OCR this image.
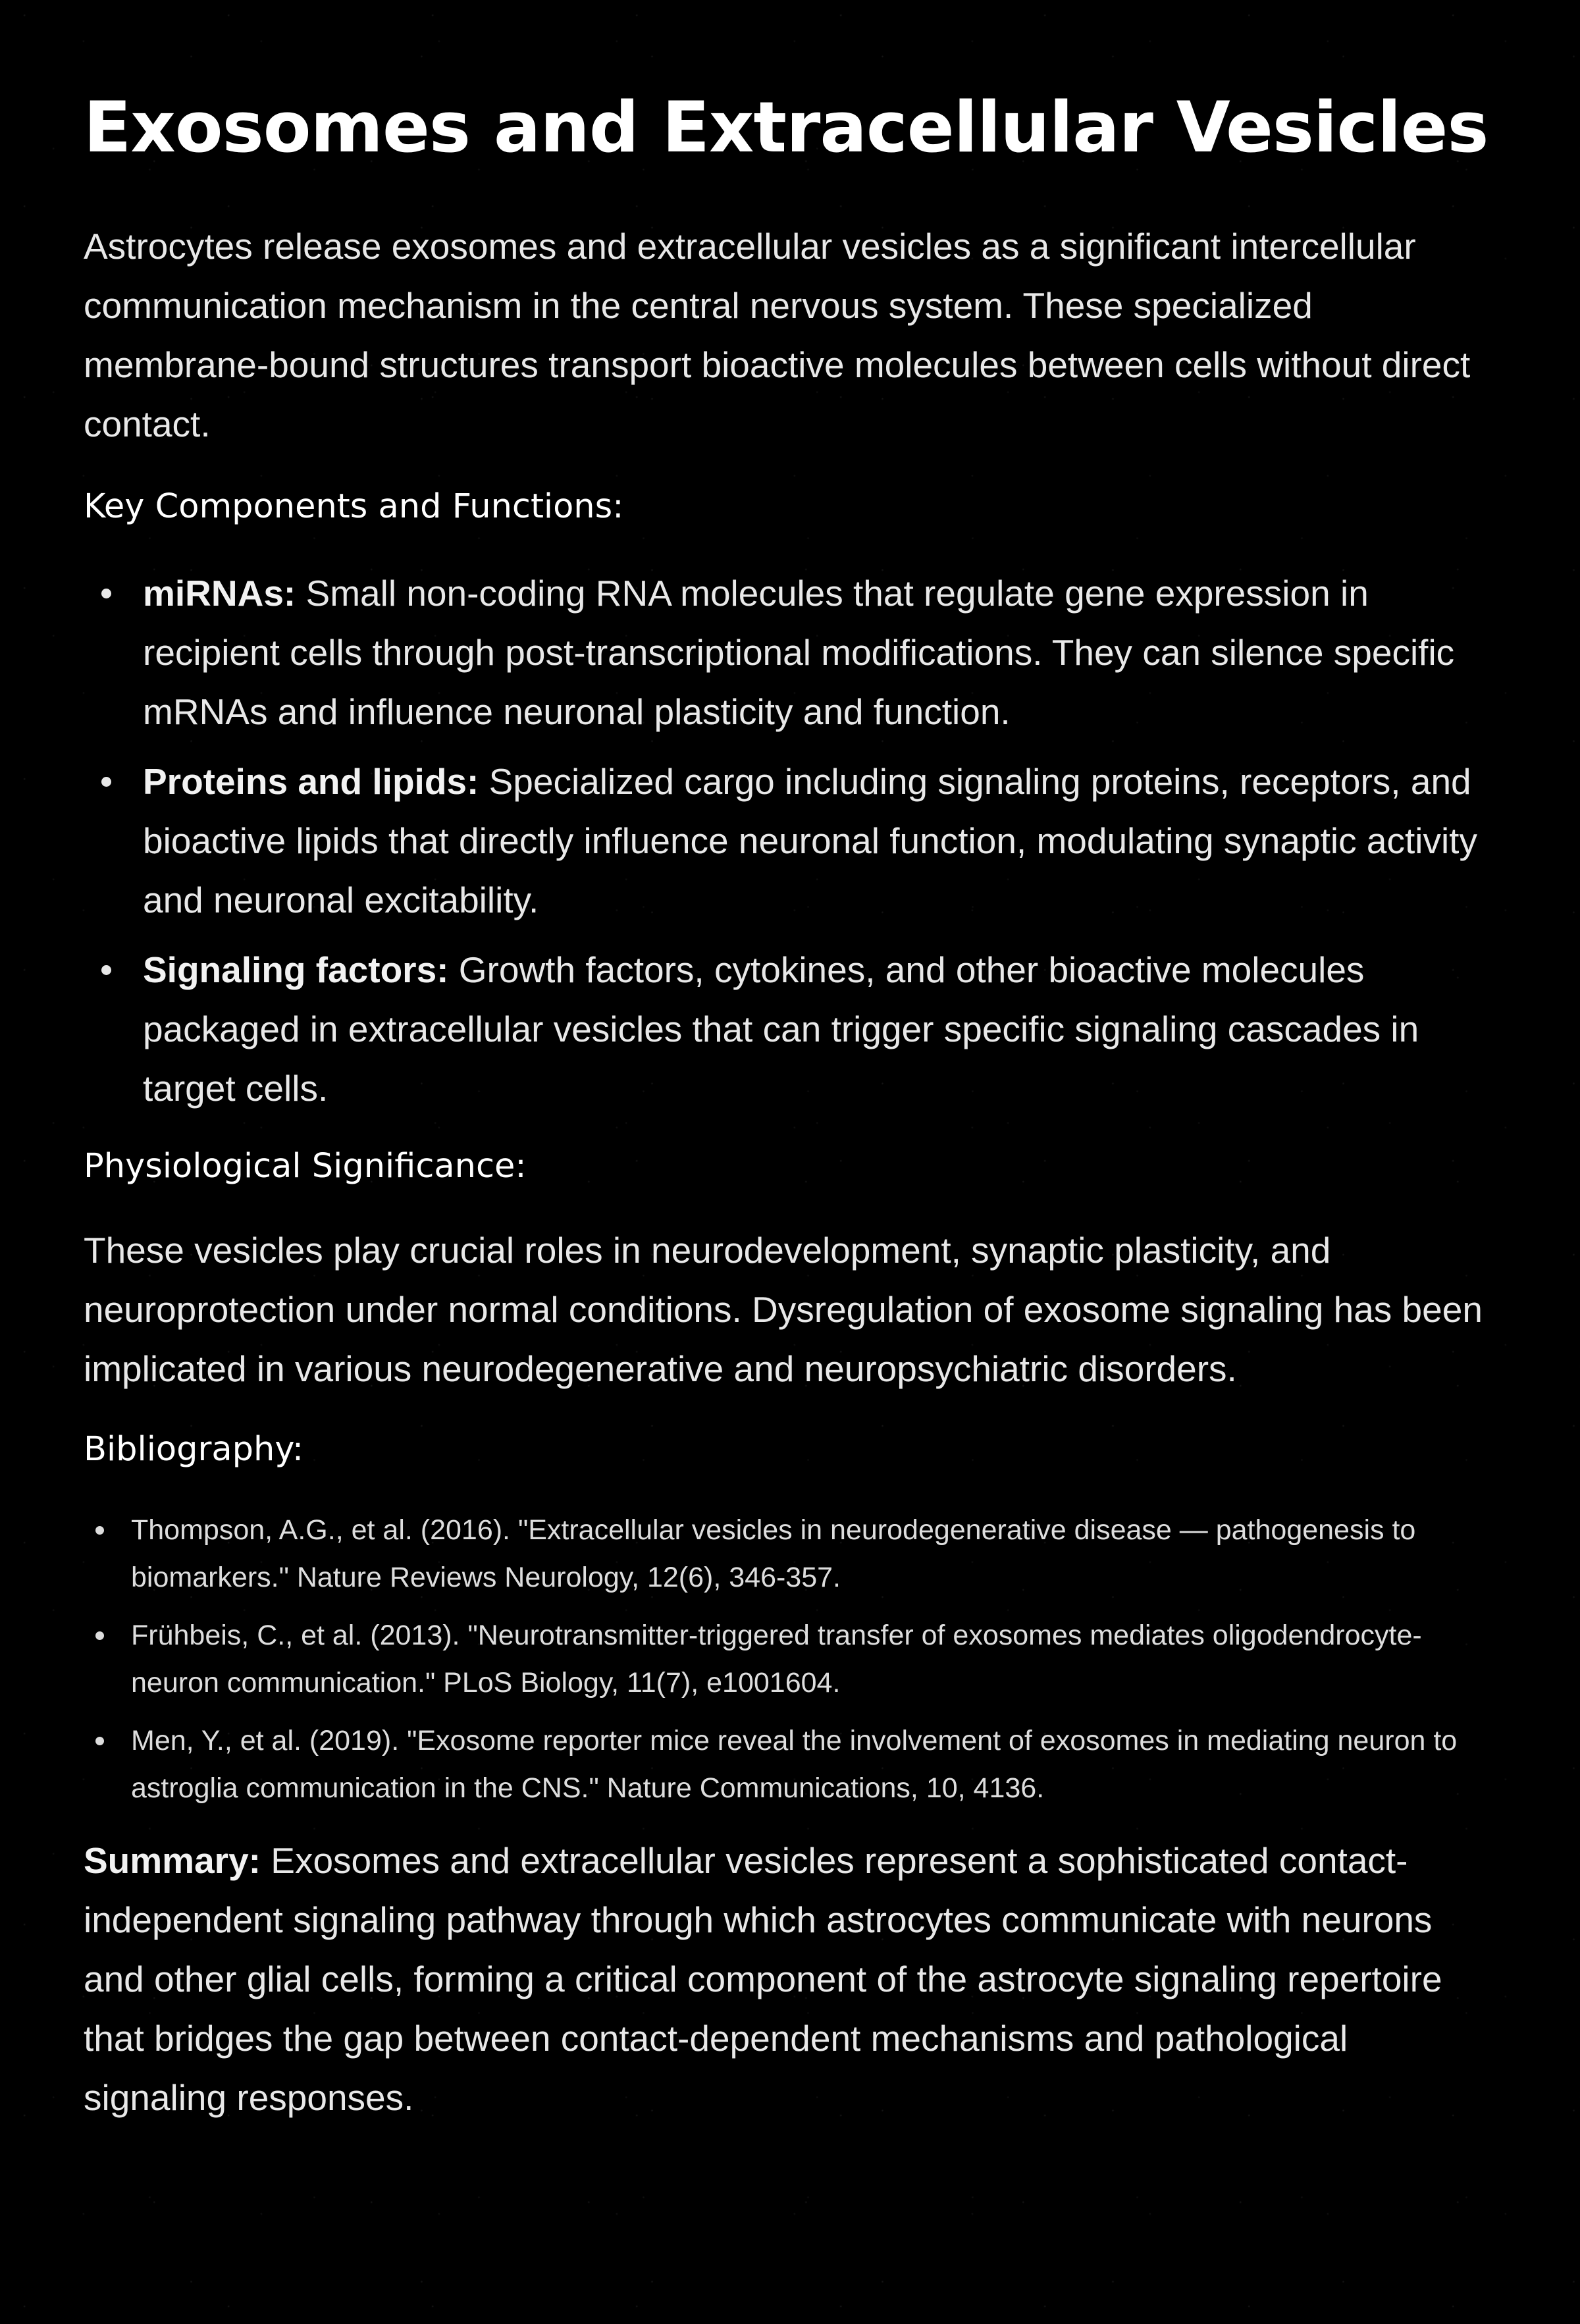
Exosomes and Extracellular Vesicles

Astrocytes release exosomes and extracellular vesicles as a significant intercellular communication mechanism in the central nervous system. These specialized membrane-bound structures transport bioactive molecules between cells without direct contact.

Key Components and Functions:
miRNAs: Small non-coding RNA molecules that regulate gene expression in recipient cells through post-transcriptional modifications. They can silence specific mRNAs and influence neuronal plasticity and function.
Proteins and lipids: Specialized cargo including signaling proteins, receptors, and bioactive lipids that directly influence neuronal function, modulating synaptic activity and neuronal excitability.
Signaling factors: Growth factors, cytokines, and other bioactive molecules packaged in extracellular vesicles that can trigger specific signaling cascades in target cells.
Physiological Significance:

These vesicles play crucial roles in neurodevelopment, synaptic plasticity, and neuroprotection under normal conditions. Dysregulation of exosome signaling has been implicated in various neurodegenerative and neuropsychiatric disorders.

Bibliography:
Thompson, A.G., et al. (2016). "Extracellular vesicles in neurodegenerative disease — pathogenesis to biomarkers." Nature Reviews Neurology, 12(6), 346-357.
Frühbeis, C., et al. (2013). "Neurotransmitter-triggered transfer of exosomes mediates oligodendrocyte-neuron communication." PLoS Biology, 11(7), e1001604.
Men, Y., et al. (2019). "Exosome reporter mice reveal the involvement of exosomes in mediating neuron to astroglia communication in the CNS." Nature Communications, 10, 4136.

Summary: Exosomes and extracellular vesicles represent a sophisticated contact-independent signaling pathway through which astrocytes communicate with neurons and other glial cells, forming a critical component of the astrocyte signaling repertoire that bridges the gap between contact-dependent mechanisms and pathological signaling responses.
